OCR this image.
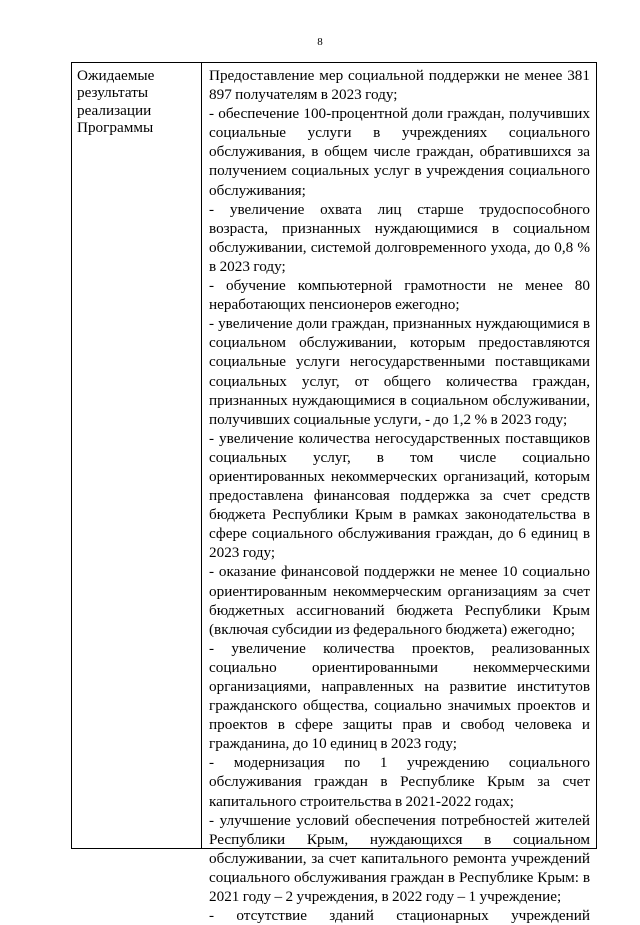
8
Ожидаемые результаты реализации Программы

Предоставление мер социальной поддержки не менее 381 897 получателям в 2023 году;

- обеспечение 100-процентной доли граждан, получивших социальные услуги в учреждениях социального обслуживания, в общем числе граждан, обратившихся за получением социальных услуг в учреждения социального обслуживания;

- увеличение охвата лиц старше трудоспособного возраста, признанных нуждающимися в социальном обслуживании, системой долговременного ухода, до 0,8 % в 2023 году;

- обучение компьютерной грамотности не менее 80 неработающих пенсионеров ежегодно;

- увеличение доли граждан, признанных нуждающимися в социальном обслуживании, которым предоставляются социальные услуги негосударственными поставщиками социальных услуг, от общего количества граждан, признанных нуждающимися в социальном обслуживании, получивших социальные услуги, - до 1,2 % в 2023 году;

- увеличение количества негосударственных поставщиков социальных услуг, в том числе социально ориентированных некоммерческих организаций, которым предоставлена финансовая поддержка за счет средств бюджета Республики Крым в рамках законодательства в сфере социального обслуживания граждан, до 6 единиц в 2023 году;

- оказание финансовой поддержки не менее 10 социально ориентированным некоммерческим организациям за счет бюджетных ассигнований бюджета Республики Крым (включая субсидии из федерального бюджета) ежегодно;

- увеличение количества проектов, реализованных социально ориентированными некоммерческими организациями, направленных на развитие институтов гражданского общества, социально значимых проектов и проектов в сфере защиты прав и свобод человека и гражданина, до 10 единиц в 2023 году;

- модернизация по 1 учреждению социального обслуживания граждан в Республике Крым за счет капитального строительства в 2021-2022 годах;

- улучшение условий обеспечения потребностей жителей Республики Крым, нуждающихся в социальном обслуживании, за счет капитального ремонта учреждений социального обслуживания граждан в Республике Крым: в 2021 году – 2 учреждения, в 2022 году – 1 учреждение;

- отсутствие зданий стационарных учреждений
